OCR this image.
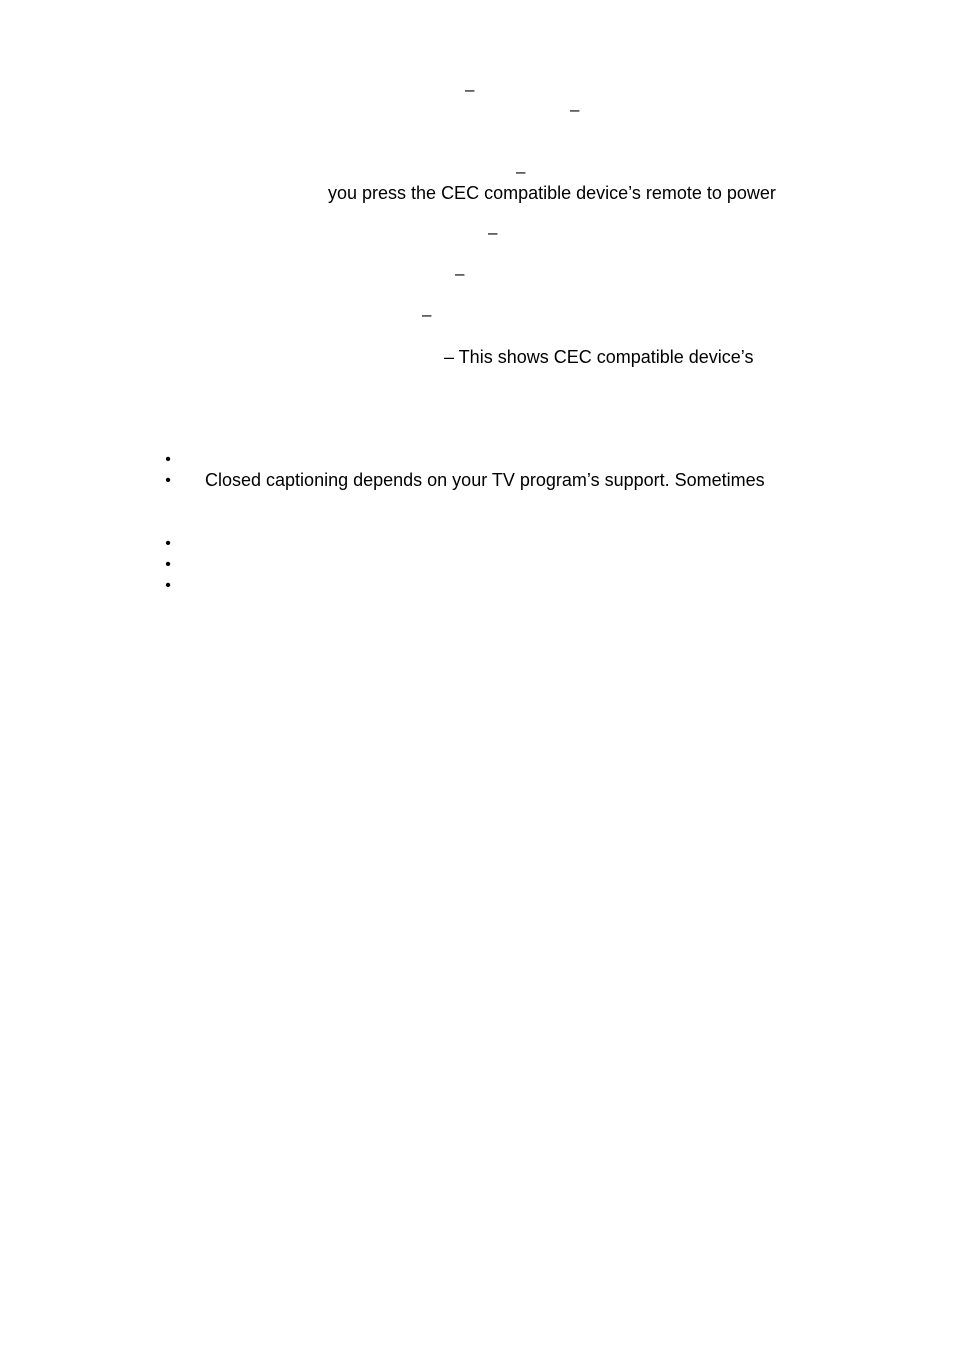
–
–
–
you press the CEC compatible device’s remote to power
–
–
–
– This shows CEC compatible device’s
•
• Closed captioning depends on your TV program’s support. Sometimes
•
•
•
